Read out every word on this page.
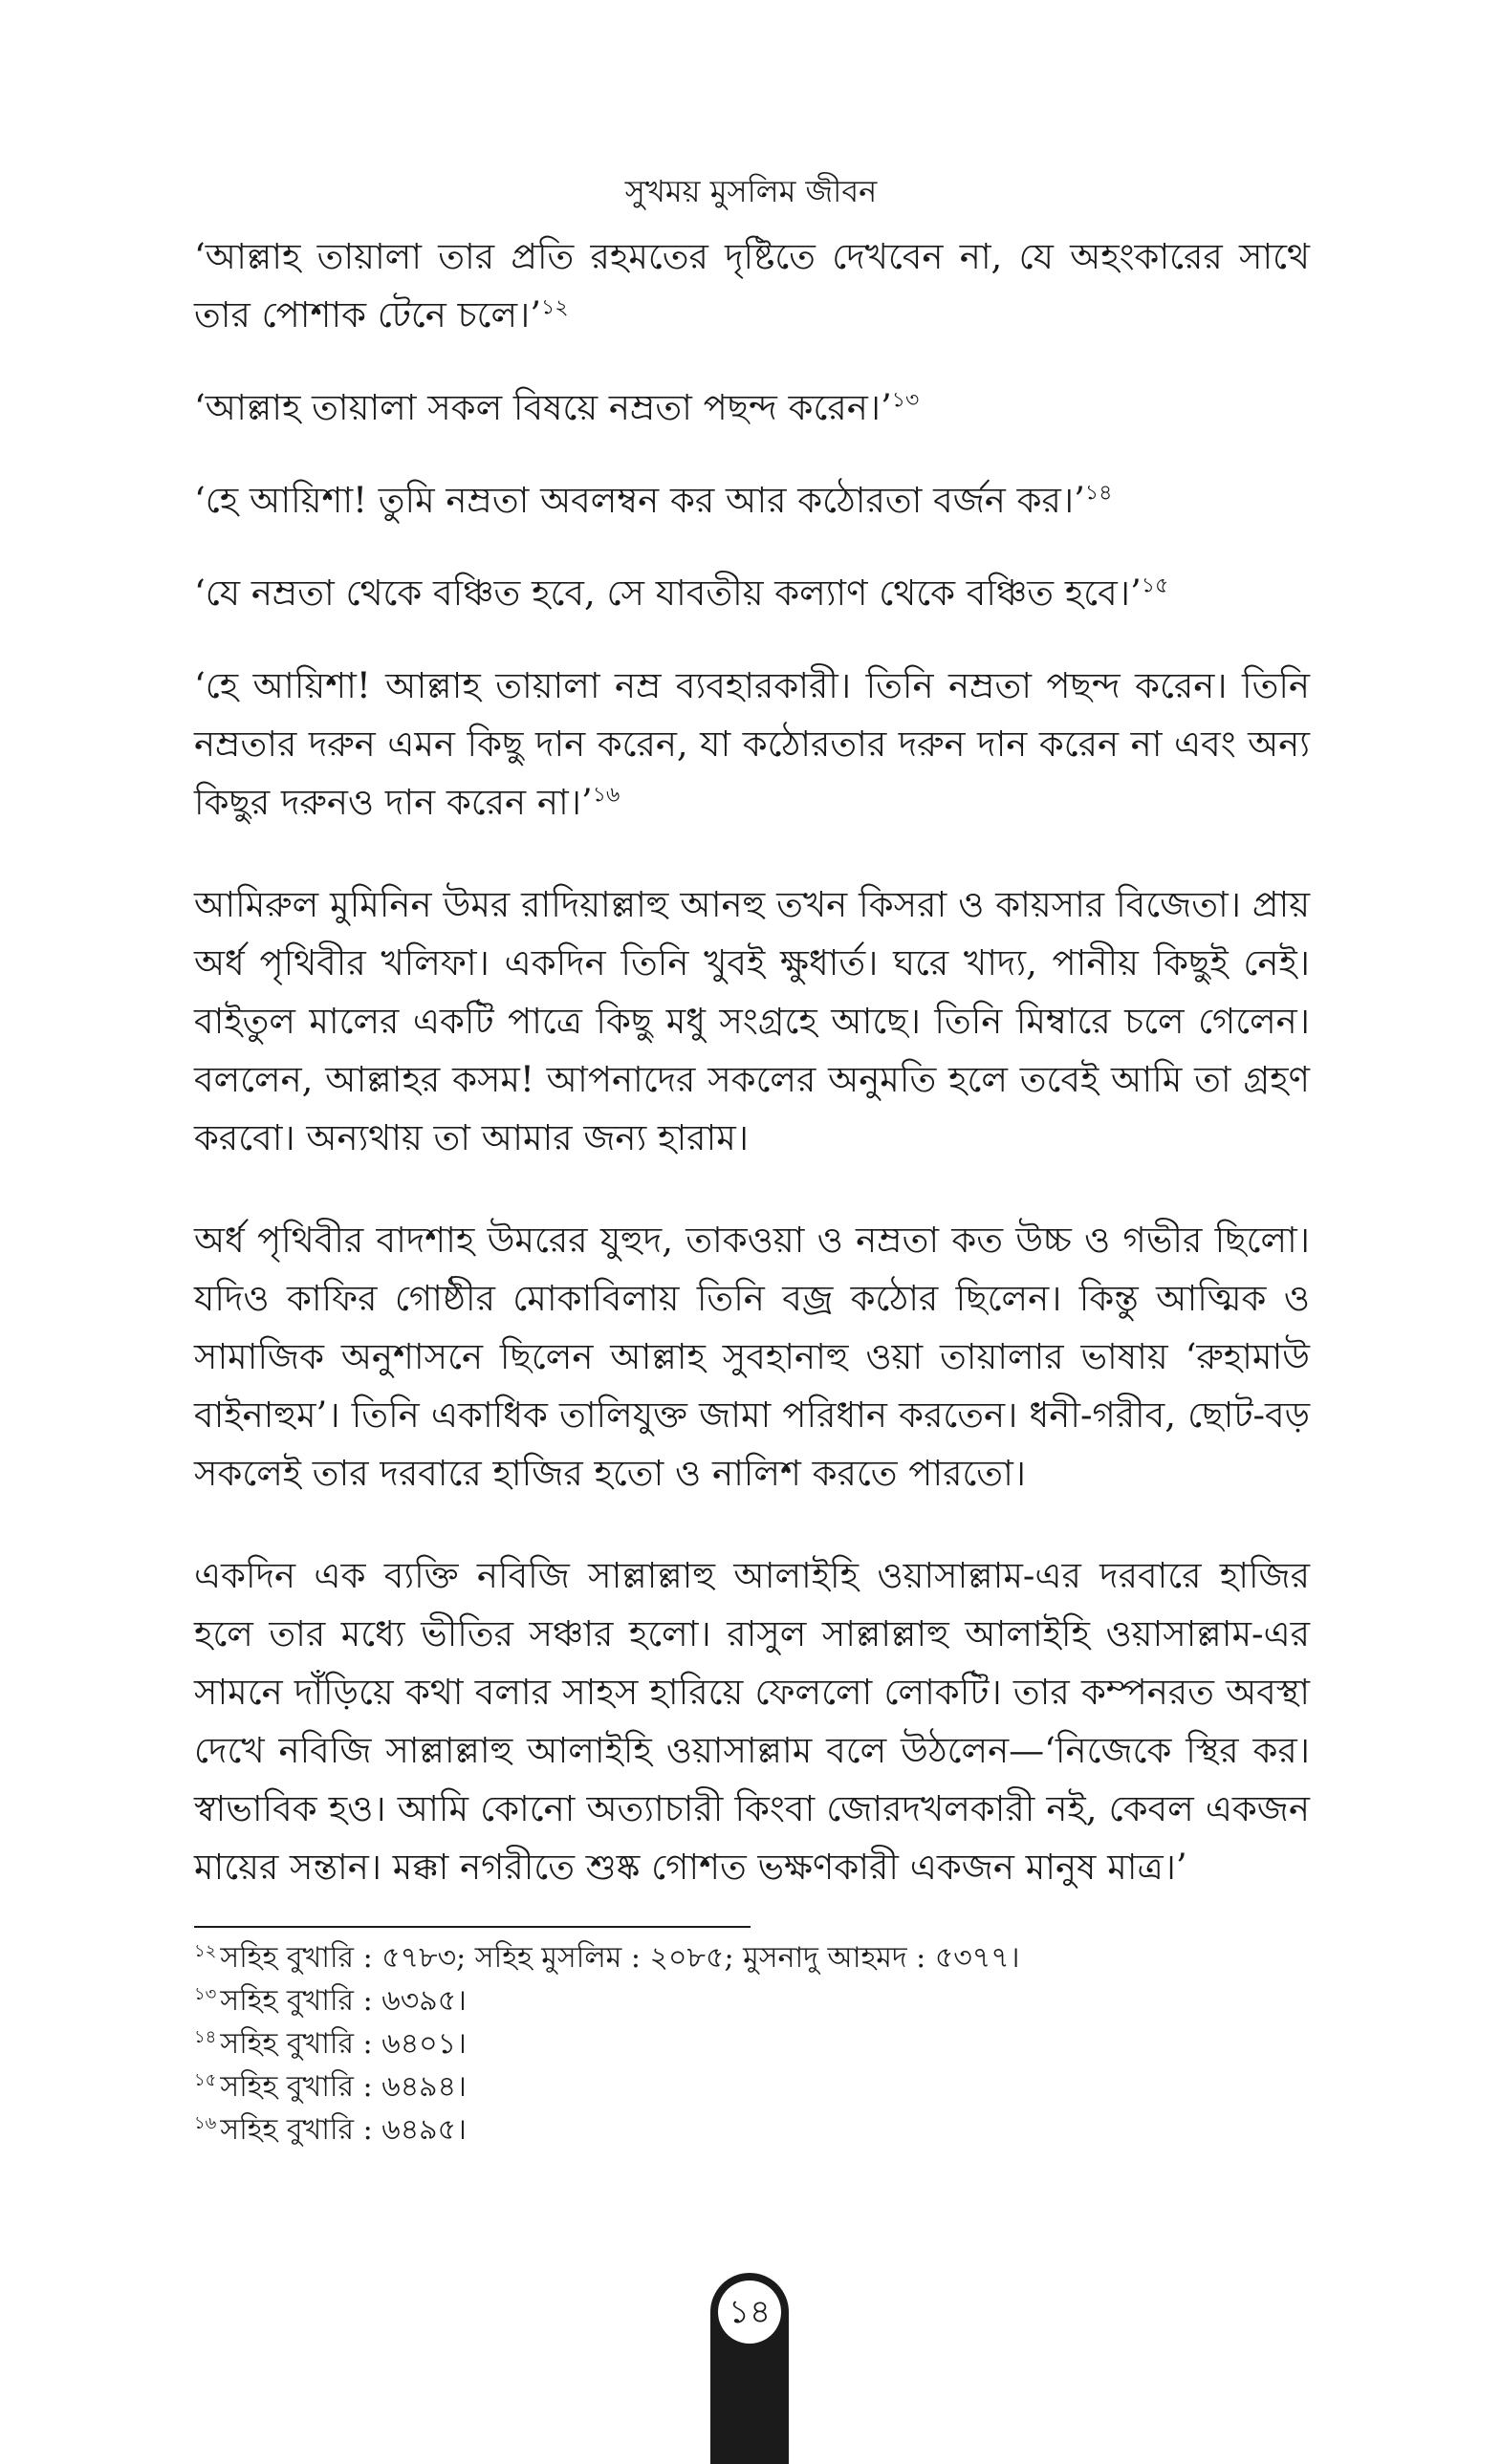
সুখময় মুসলিম জীবন

‘আল্লাহ তায়ালা তার প্রতি রহমতের দৃষ্টিতে দেখবেন না, যে অহংকারের সাথে তার পোশাক টেনে চলে।’$^{১২}$

‘আল্লাহ তায়ালা সকল বিষয়ে নম্রতা পছন্দ করেন।’$^{১৩}$

‘হে আয়িশা! তুমি নম্রতা অবলম্বন কর আর কঠোরতা বর্জন কর।’$^{১৪}$

‘যে নম্রতা থেকে বঞ্চিত হবে, সে যাবতীয় কল্যাণ থেকে বঞ্চিত হবে।’$^{১৫}$

‘হে আয়িশা! আল্লাহ তায়ালা নম্র ব্যবহারকারী। তিনি নম্রতা পছন্দ করেন। তিনি নম্রতার দরুন এমন কিছু দান করেন, যা কঠোরতার দরুন দান করেন না এবং অন্য কিছুর দরুনও দান করেন না।’$^{১৬}$

আমিরুল মুমিনিন উমর রাদিয়াল্লাহু আনহু তখন কিসরা ও কায়সার বিজেতা। প্রায় অর্ধ পৃথিবীর খলিফা। একদিন তিনি খুবই ক্ষুধার্ত। ঘরে খাদ্য, পানীয় কিছুই নেই। বাইতুল মালের একটি পাত্রে কিছু মধু সংগ্রহে আছে। তিনি মিম্বারে চলে গেলেন। বললেন, আল্লাহর কসম! আপনাদের সকলের অনুমতি হলে তবেই আমি তা গ্রহণ করবো। অন্যথায় তা আমার জন্য হারাম।

অর্ধ পৃথিবীর বাদশাহ উমরের যুহুদ, তাকওয়া ও নম্রতা কত উচ্চ ও গভীর ছিলো। যদিও কাফির গোষ্ঠীর মোকাবিলায় তিনি বজ্র কঠোর ছিলেন। কিন্তু আত্মিক ও সামাজিক অনুশাসনে ছিলেন আল্লাহ সুবহানাহু ওয়া তায়ালার ভাষায় ‘রুহামাউ বাইনাহুম’। তিনি একাধিক তালিযুক্ত জামা পরিধান করতেন। ধনী-গরীব, ছোট-বড় সকলেই তার দরবারে হাজির হতো ও নালিশ করতে পারতো।

একদিন এক ব্যক্তি নবিজি সাল্লাল্লাহু আলাইহি ওয়াসাল্লাম-এর দরবারে হাজির হলে তার মধ্যে ভীতির সঞ্চার হলো। রাসুল সাল্লাল্লাহু আলাইহি ওয়াসাল্লাম-এর সামনে দাঁড়িয়ে কথা বলার সাহস হারিয়ে ফেললো লোকটি। তার কম্পনরত অবস্থা দেখে নবিজি সাল্লাল্লাহু আলাইহি ওয়াসাল্লাম বলে উঠলেন—‘নিজেকে স্থির কর। স্বাভাবিক হও। আমি কোনো অত্যাচারী কিংবা জোরদখলকারী নই, কেবল একজন মায়ের সন্তান। মক্কা নগরীতে শুষ্ক গোশত ভক্ষণকারী একজন মানুষ মাত্র।’

$^{১২}$ সহিহ বুখারি : ৫৭৮৩; সহিহ মুসলিম : ২০৮৫; মুসনাদু আহমদ : ৫৩৭৭।
$^{১৩}$ সহিহ বুখারি : ৬৩৯৫।
$^{১৪}$ সহিহ বুখারি : ৬৪০১।
$^{১৫}$ সহিহ বুখারি : ৬৪৯৪।
$^{১৬}$ সহিহ বুখারি : ৬৪৯৫।
১৪
